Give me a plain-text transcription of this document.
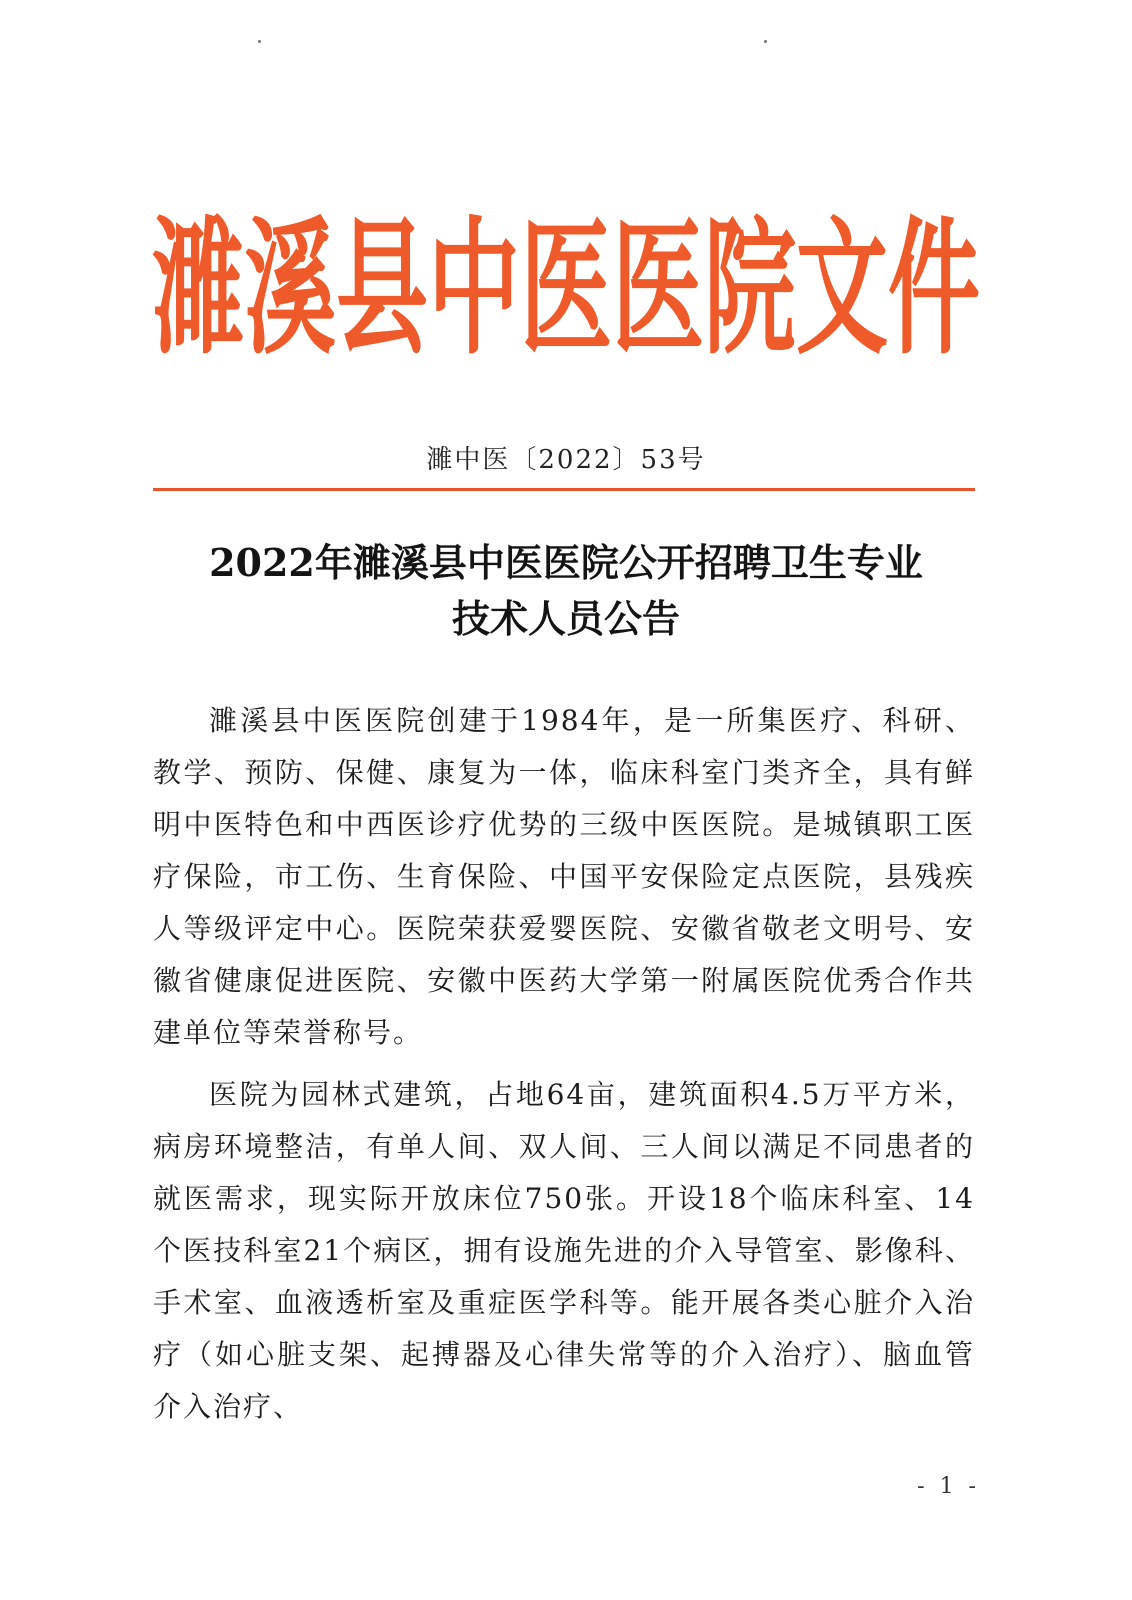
濉溪县中医医院文件
濉中医〔2022〕53号
2022年濉溪县中医医院公开招聘卫生专业
技术人员公告

濉溪县中医医院创建于1984年，是一所集医疗、科研、教学、预防、保健、康复为一体，临床科室门类齐全，具有鲜明中医特色和中西医诊疗优势的三级中医医院。是城镇职工医疗保险，市工伤、生育保险、中国平安保险定点医院，县残疾人等级评定中心。医院荣获爱婴医院、安徽省敬老文明号、安徽省健康促进医院、安徽中医药大学第一附属医院优秀合作共建单位等荣誉称号。

医院为园林式建筑，占地64亩，建筑面积4.5万平方米，病房环境整洁，有单人间、双人间、三人间以满足不同患者的就医需求，现实际开放床位750张。开设18个临床科室、14个医技科室21个病区，拥有设施先进的介入导管室、影像科、手术室、血液透析室及重症医学科等。能开展各类心脏介入治疗（如心脏支架、起搏器及心律失常等的介入治疗）、脑血管介入治疗、

- 1 -
